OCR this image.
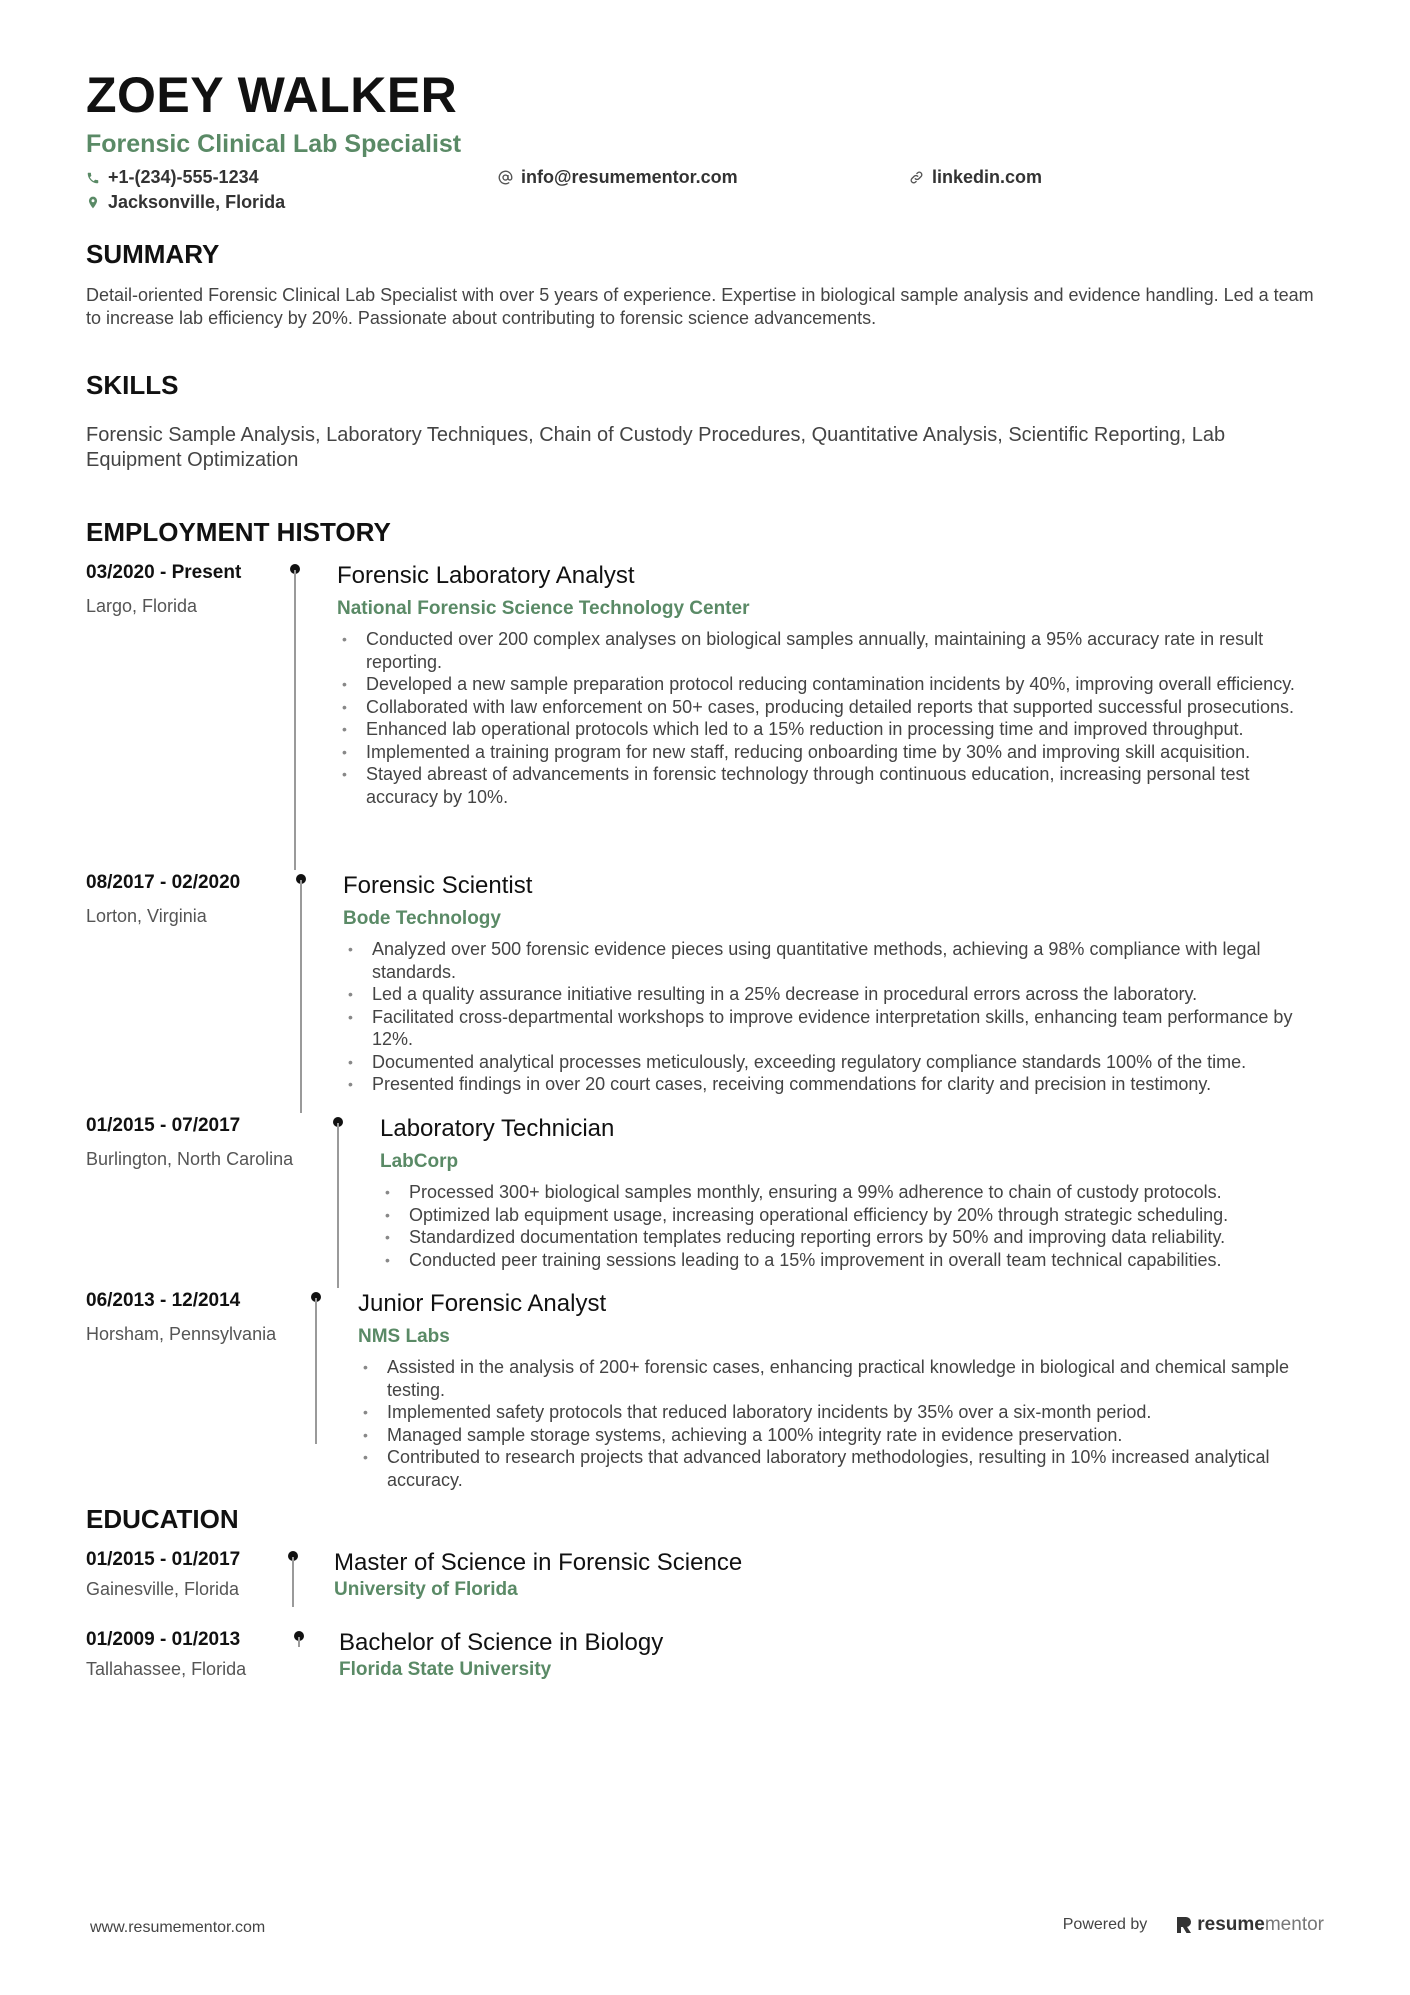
ZOEY WALKER
Forensic Clinical Lab Specialist
+1-(234)-555-1234	info@resumementor.com	linkedin.com
Jacksonville, Florida
SUMMARY
Detail-oriented Forensic Clinical Lab Specialist with over 5 years of experience. Expertise in biological sample analysis and evidence handling. Led a team to increase lab efficiency by 20%. Passionate about contributing to forensic science advancements.
SKILLS
Forensic Sample Analysis, Laboratory Techniques, Chain of Custody Procedures, Quantitative Analysis, Scientific Reporting, Lab Equipment Optimization
EMPLOYMENT HISTORY
03/2020 - Present
Largo, Florida
Forensic Laboratory Analyst
National Forensic Science Technology Center
• Conducted over 200 complex analyses on biological samples annually, maintaining a 95% accuracy rate in result reporting.
• Developed a new sample preparation protocol reducing contamination incidents by 40%, improving overall efficiency.
• Collaborated with law enforcement on 50+ cases, producing detailed reports that supported successful prosecutions.
• Enhanced lab operational protocols which led to a 15% reduction in processing time and improved throughput.
• Implemented a training program for new staff, reducing onboarding time by 30% and improving skill acquisition.
• Stayed abreast of advancements in forensic technology through continuous education, increasing personal test accuracy by 10%.
08/2017 - 02/2020
Lorton, Virginia
Forensic Scientist
Bode Technology
• Analyzed over 500 forensic evidence pieces using quantitative methods, achieving a 98% compliance with legal standards.
• Led a quality assurance initiative resulting in a 25% decrease in procedural errors across the laboratory.
• Facilitated cross-departmental workshops to improve evidence interpretation skills, enhancing team performance by 12%.
• Documented analytical processes meticulously, exceeding regulatory compliance standards 100% of the time.
• Presented findings in over 20 court cases, receiving commendations for clarity and precision in testimony.
01/2015 - 07/2017
Burlington, North Carolina
Laboratory Technician
LabCorp
• Processed 300+ biological samples monthly, ensuring a 99% adherence to chain of custody protocols.
• Optimized lab equipment usage, increasing operational efficiency by 20% through strategic scheduling.
• Standardized documentation templates reducing reporting errors by 50% and improving data reliability.
• Conducted peer training sessions leading to a 15% improvement in overall team technical capabilities.
06/2013 - 12/2014
Horsham, Pennsylvania
Junior Forensic Analyst
NMS Labs
• Assisted in the analysis of 200+ forensic cases, enhancing practical knowledge in biological and chemical sample testing.
• Implemented safety protocols that reduced laboratory incidents by 35% over a six-month period.
• Managed sample storage systems, achieving a 100% integrity rate in evidence preservation.
• Contributed to research projects that advanced laboratory methodologies, resulting in 10% increased analytical accuracy.
EDUCATION
01/2015 - 01/2017
Gainesville, Florida
Master of Science in Forensic Science
University of Florida
01/2009 - 01/2013
Tallahassee, Florida
Bachelor of Science in Biology
Florida State University
www.resumementor.com	Powered by	resume mentor
